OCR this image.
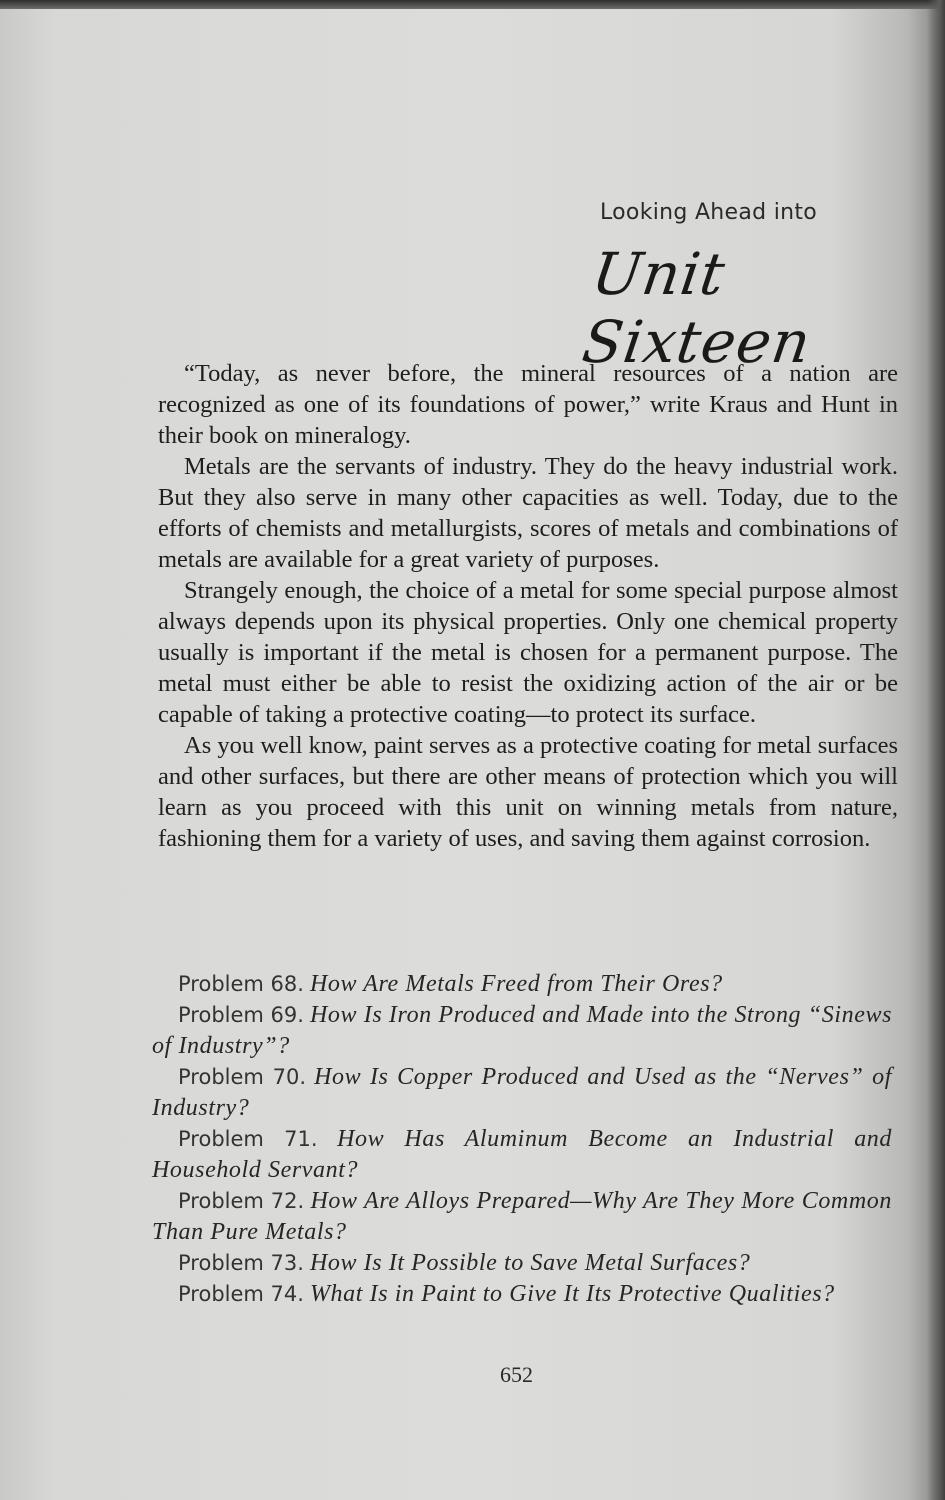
Looking Ahead into
Unit Sixteen

“Today, as never before, the mineral resources of a nation are recognized as one of its foundations of power,” write Kraus and Hunt in their book on mineralogy.

Metals are the servants of industry. They do the heavy industrial work. But they also serve in many other capacities as well. Today, due to the efforts of chemists and metallurgists, scores of metals and combinations of metals are available for a great variety of purposes.

Strangely enough, the choice of a metal for some special purpose almost always depends upon its physical properties. Only one chemical property usually is important if the metal is chosen for a permanent purpose. The metal must either be able to resist the oxidizing action of the air or be capable of taking a protective coating—to protect its surface.

As you well know, paint serves as a protective coating for metal surfaces and other surfaces, but there are other means of protection which you will learn as you proceed with this unit on winning metals from nature, fashioning them for a variety of uses, and saving them against corrosion.

Problem 68. How Are Metals Freed from Their Ores?

Problem 69. How Is Iron Produced and Made into the Strong “Sinews of Industry”?

Problem 70. How Is Copper Produced and Used as the “Nerves” of Industry?

Problem 71. How Has Aluminum Become an Industrial and Household Servant?

Problem 72. How Are Alloys Prepared—Why Are They More Common Than Pure Metals?

Problem 73. How Is It Possible to Save Metal Surfaces?

Problem 74. What Is in Paint to Give It Its Protective Qualities?

652
